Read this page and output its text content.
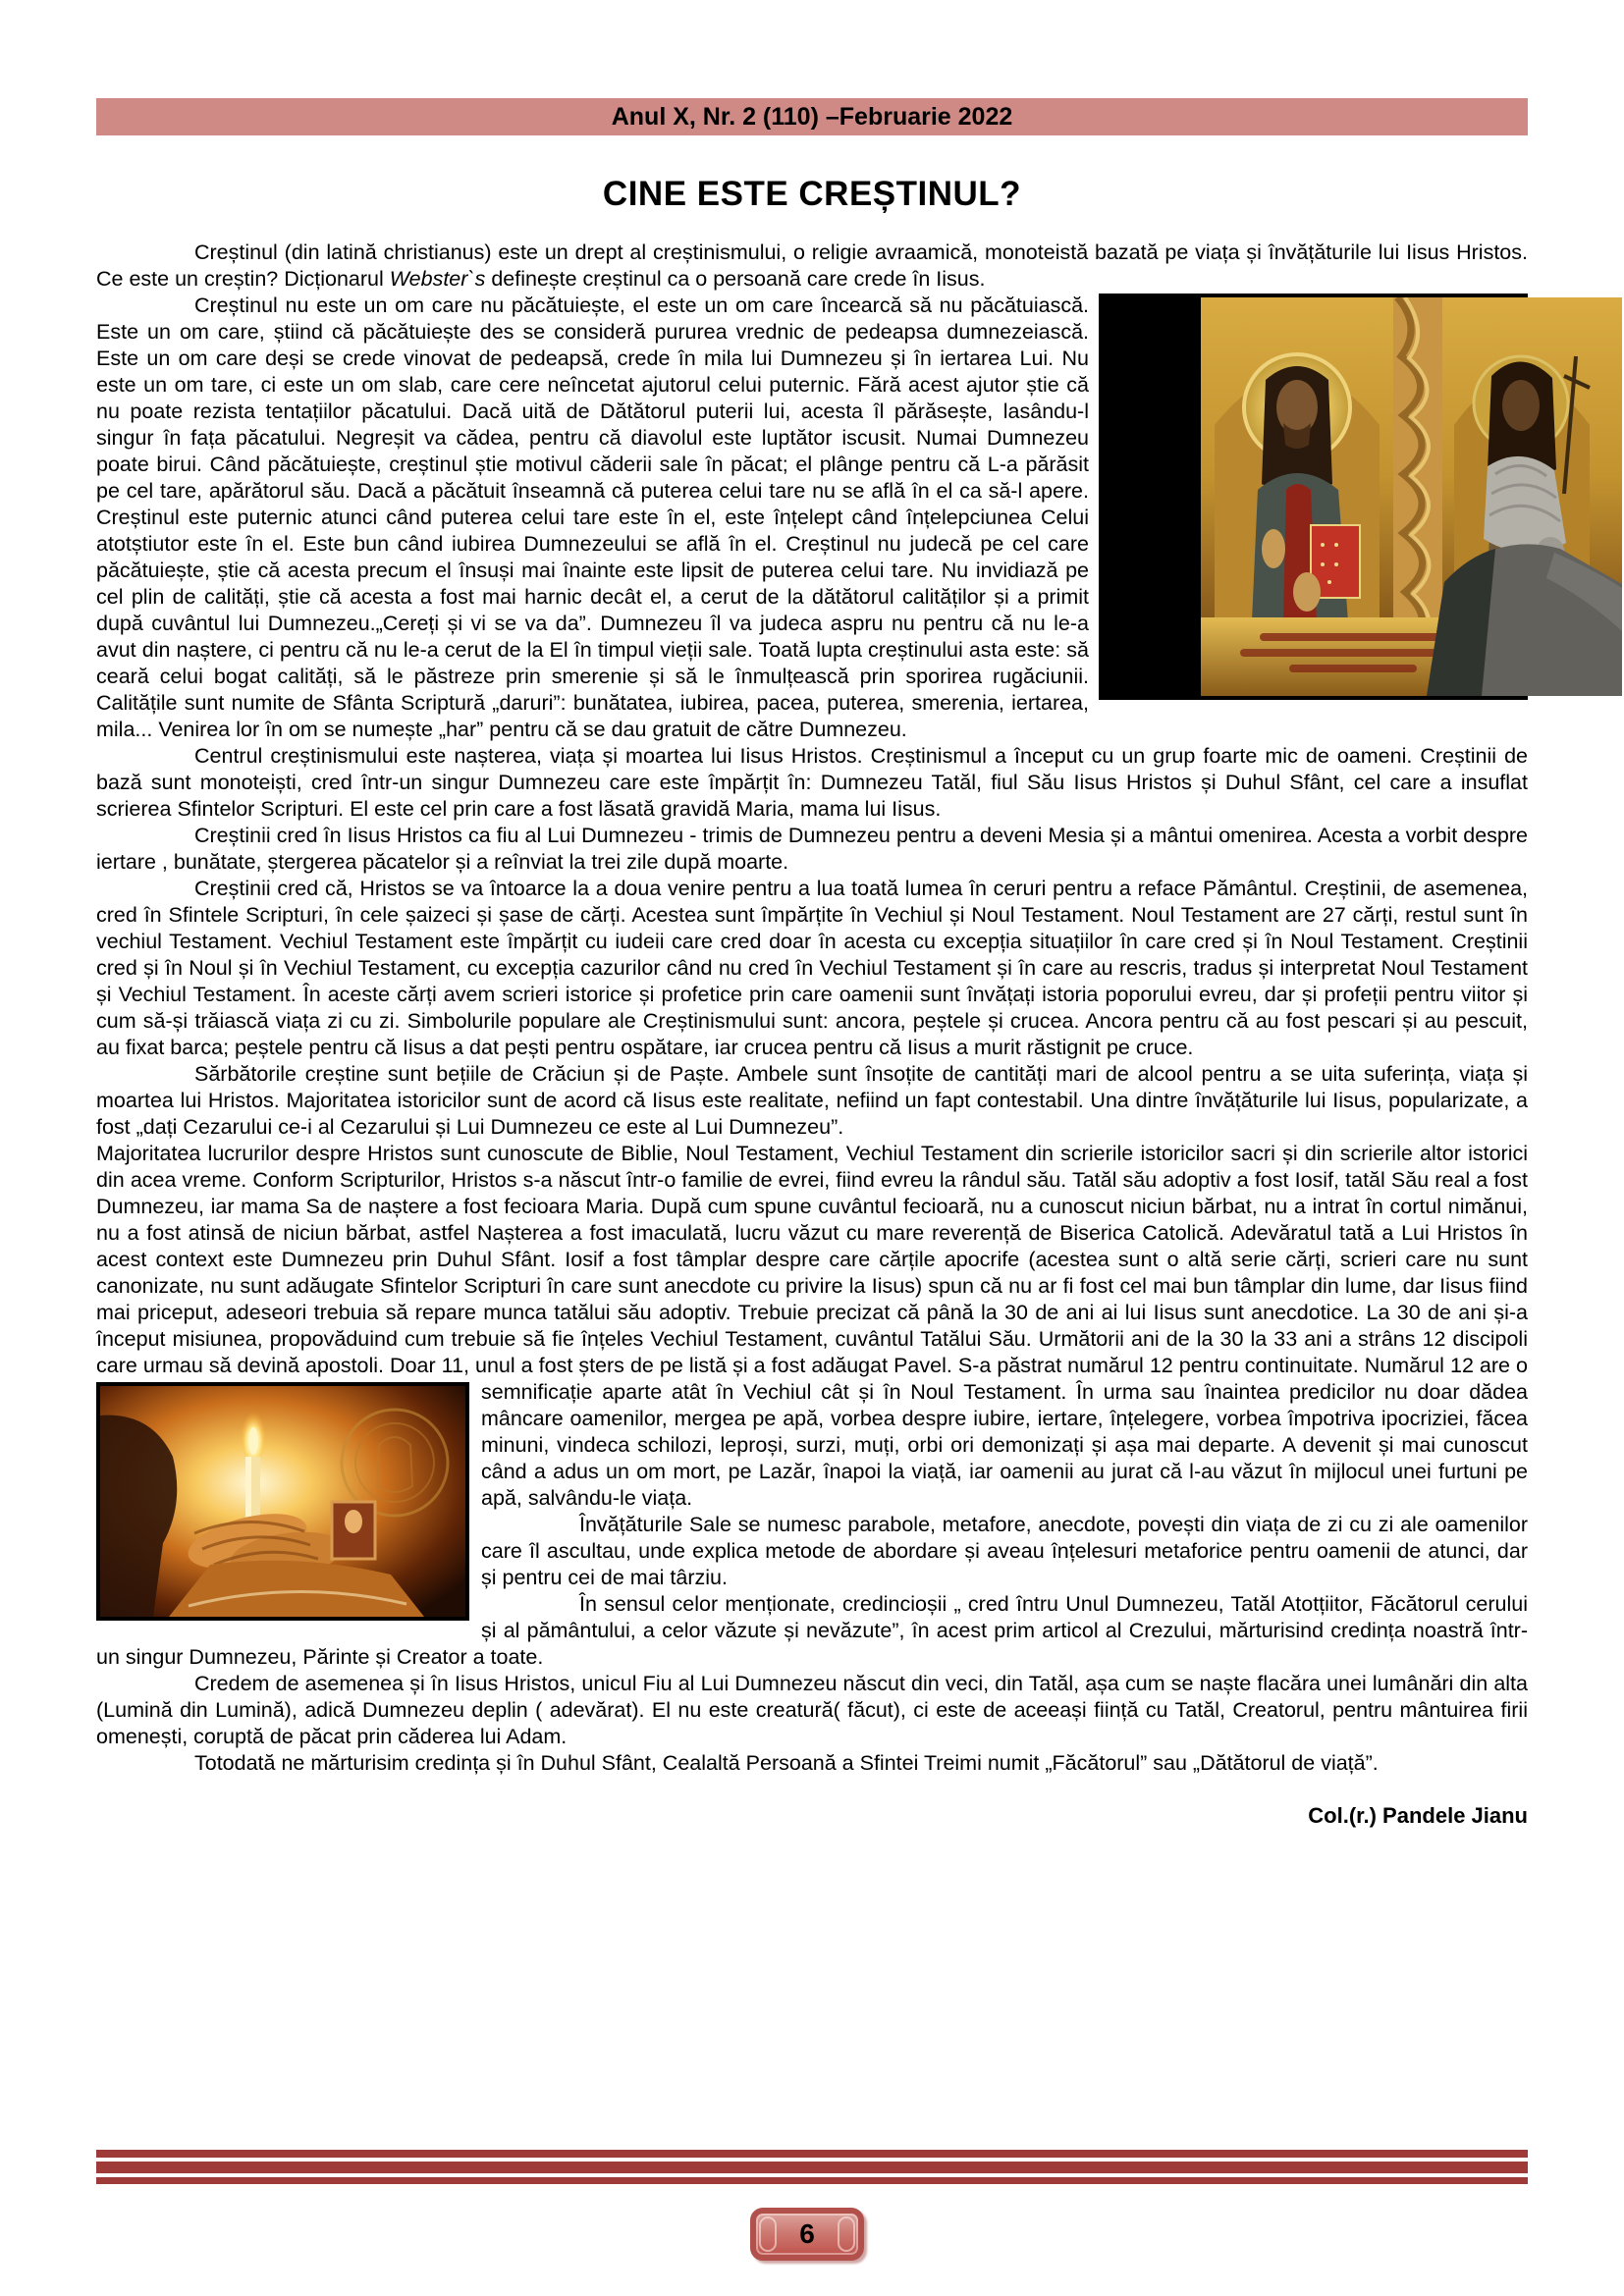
Anul X, Nr. 2 (110) –Februarie 2022
CINE ESTE CREȘTINUL?

Creștinul (din latină christianus) este un drept al creștinismului, o religie avraamică, monoteistă bazată pe viața și învățăturile lui Iisus Hristos. Ce este un creștin? Dicționarul Webster`s definește creștinul ca o persoană care crede în Iisus.

Creștinul nu este un om care nu păcătuiește, el este un om care încearcă să nu păcătuiască. Este un om care, știind că păcătuiește des se consideră pururea vrednic de pedeapsa dumnezeiască. Este un om care deși se crede vinovat de pedeapsă, crede în mila lui Dumnezeu și în iertarea Lui. Nu este un om tare, ci este un om slab, care cere neîncetat ajutorul celui puternic. Fără acest ajutor știe că nu poate rezista tentațiilor păcatului. Dacă uită de Dătătorul puterii lui, acesta îl părăsește, lasându-l singur în fața păcatului. Negreșit va cădea, pentru că diavolul este luptător iscusit. Numai Dumnezeu poate birui. Când păcătuiește, creștinul știe motivul căderii sale în păcat; el plânge pentru că L-a părăsit pe cel tare, apărătorul său. Dacă a păcătuit înseamnă că puterea celui tare nu se află în el ca să-l apere. Creștinul este puternic atunci când puterea celui tare este în el, este înțelept când înțelepciunea Celui atotștiutor este în el. Este bun când iubirea Dumnezeului se află în el. Creștinul nu judecă pe cel care păcătuiește, știe că acesta precum el însuși mai înainte este lipsit de puterea celui tare. Nu invidiază pe cel plin de calități, știe că acesta a fost mai harnic decât el, a cerut de la dătătorul calităților și a primit după cuvântul lui Dumnezeu.„Cereți și vi se va da”. Dumnezeu îl va judeca aspru nu pentru că nu le-a avut din naștere, ci pentru că nu le-a cerut de la El în timpul vieții sale. Toată lupta creștinului asta este: să ceară celui bogat calități, să le păstreze prin smerenie și să le înmulțească prin sporirea rugăciunii. Calitățile sunt numite de Sfânta Scriptură „daruri”: bunătatea, iubirea, pacea, puterea, smerenia, iertarea, mila... Venirea lor în om se numește „har” pentru că se dau gratuit de către Dumnezeu.

Centrul creștinismului este nașterea, viața și moartea lui Iisus Hristos. Creștinismul a început cu un grup foarte mic de oameni. Creștinii de bază sunt monoteiști, cred într-un singur Dumnezeu care este împărțit în: Dumnezeu Tatăl, fiul Său Iisus Hristos și Duhul Sfânt, cel care a insuflat scrierea Sfintelor Scripturi. El este cel prin care a fost lăsată gravidă Maria, mama lui Iisus.

Creștinii cred în Iisus Hristos ca fiu al Lui Dumnezeu - trimis de Dumnezeu pentru a deveni Mesia și a mântui omenirea. Acesta a vorbit despre iertare , bunătate, ștergerea păcatelor și a reînviat la trei zile după moarte.

Creștinii cred că, Hristos se va întoarce la a doua venire pentru a lua toată lumea în ceruri pentru a reface Pământul. Creștinii, de asemenea, cred în Sfintele Scripturi, în cele șaizeci și șase de cărți. Acestea sunt împărțite în Vechiul și Noul Testament. Noul Testament are 27 cărți, restul sunt în vechiul Testament. Vechiul Testament este împărțit cu iudeii care cred doar în acesta cu excepția situațiilor în care cred și în Noul Testament. Creștinii cred și în Noul și în Vechiul Testament, cu excepția cazurilor când nu cred în Vechiul Testament și în care au rescris, tradus și interpretat Noul Testament și Vechiul Testament. În aceste cărți avem scrieri istorice și profetice prin care oamenii sunt învățați istoria poporului evreu, dar și profeții pentru viitor și cum să-și trăiască viața zi cu zi. Simbolurile populare ale Creștinismului sunt: ancora, peștele și crucea. Ancora pentru că au fost pescari și au pescuit, au fixat barca; peștele pentru că Iisus a dat pești pentru ospătare, iar crucea pentru că Iisus a murit răstignit pe cruce.

Sărbătorile creștine sunt bețiile de Crăciun și de Paște. Ambele sunt însoțite de cantități mari de alcool pentru a se uita suferința, viața și moartea lui Hristos. Majoritatea istoricilor sunt de acord că Iisus este realitate, nefiind un fapt contestabil. Una dintre învățăturile lui Iisus, popularizate, a fost „dați Cezarului ce-i al Cezarului și Lui Dumnezeu ce este al Lui Dumnezeu”.

Majoritatea lucrurilor despre Hristos sunt cunoscute de Biblie, Noul Testament, Vechiul Testament din scrierile istoricilor sacri și din scrierile altor istorici din acea vreme. Conform Scripturilor, Hristos s-a născut într-o familie de evrei, fiind evreu la rândul său. Tatăl său adoptiv a fost Iosif, tatăl Său real a fost Dumnezeu, iar mama Sa de naștere a fost fecioara Maria. După cum spune cuvântul fecioară, nu a cunoscut niciun bărbat, nu a intrat în cortul nimănui, nu a fost atinsă de niciun bărbat, astfel Nașterea a fost imaculată, lucru văzut cu mare reverență de Biserica Catolică. Adevăratul tată a Lui Hristos în acest context este Dumnezeu prin Duhul Sfânt. Iosif a fost tâmplar despre care cărțile apocrife (acestea sunt o altă serie cărți, scrieri care nu sunt canonizate, nu sunt adăugate Sfintelor Scripturi în care sunt anecdote cu privire la Iisus) spun că nu ar fi fost cel mai bun tâmplar din lume, dar Iisus fiind mai priceput, adeseori trebuia să repare munca tatălui său adoptiv. Trebuie precizat că până la 30 de ani ai lui Iisus sunt anecdotice. La 30 de ani și-a început misiunea, propovăduind cum trebuie să fie înțeles Vechiul Testament, cuvântul Tatălui Său. Următorii ani de la 30 la 33 ani a strâns 12 discipoli care urmau să devină apostoli. Doar 11, unul a fost șters de pe listă și a fost adăugat Pavel. S-a păstrat numărul 12 pentru continuitate. Numărul 12 are o semnificație aparte atât în Vechiul cât și în Noul
Testament. În urma sau înaintea predicilor nu doar dădea mâncare oamenilor, mergea pe apă, vorbea despre iubire, iertare, înțelegere, vorbea împotriva ipocriziei, făcea minuni, vindeca schilozi, leproși, surzi, muți, orbi ori demonizați și așa mai departe. A devenit și mai cunoscut când a adus un om mort, pe Lazăr, înapoi la viață, iar oamenii au jurat că l-au văzut în mijlocul unei furtuni pe apă, salvându-le viața.

Învățăturile Sale se numesc parabole, metafore, anecdote, povești din viața de zi cu zi ale oamenilor care îl ascultau, unde explica metode de abordare și aveau înțelesuri metaforice pentru oamenii de atunci, dar și pentru cei de mai târziu.

În sensul celor menționate, credincioșii „ cred întru Unul Dumnezeu, Tatăl Atotțiitor, Făcătorul cerului și al pământului, a celor văzute și nevăzute”, în acest prim articol al Crezului, mărturisind credința noastră într-un singur Dumnezeu, Părinte și Creator a toate.

Credem de asemenea și în Iisus Hristos, unicul Fiu al Lui Dumnezeu născut din veci, din Tatăl, așa cum se naște flacăra unei lumânări din alta (Lumină din Lumină), adică Dumnezeu deplin ( adevărat). El nu este creatură( făcut), ci este de aceeași ființă cu Tatăl, Creatorul, pentru mântuirea firii omenești, coruptă de păcat prin căderea lui Adam.

Totodată ne mărturisim credința și în Duhul Sfânt, Cealaltă Persoană a Sfintei Treimi numit „Făcătorul” sau „Dătătorul de viață”.

Col.(r.) Pandele Jianu
6
